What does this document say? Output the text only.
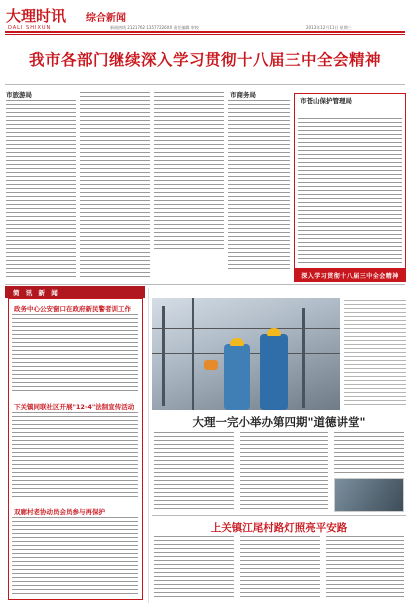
大理时讯
DALI SHIXUN
综合新闻
新闻热线 2121762 13577226XX 责任编辑 审校	2013年12月11日 星期三
我市各部门继续深入学习贯彻十八届三中全会精神
市旅游局	市商务局
市苍山保护管理局
深入学习贯彻十八届三中全会精神
简 讯 新 闻
政务中心公安窗口在政府新民警者训工作
下关镇同联社区开展"12·4"法制宣传活动
双廊村老协动员会员参与再保护
大理一完小举办第四期"道德讲堂"
上关镇江尾村路灯照亮平安路
